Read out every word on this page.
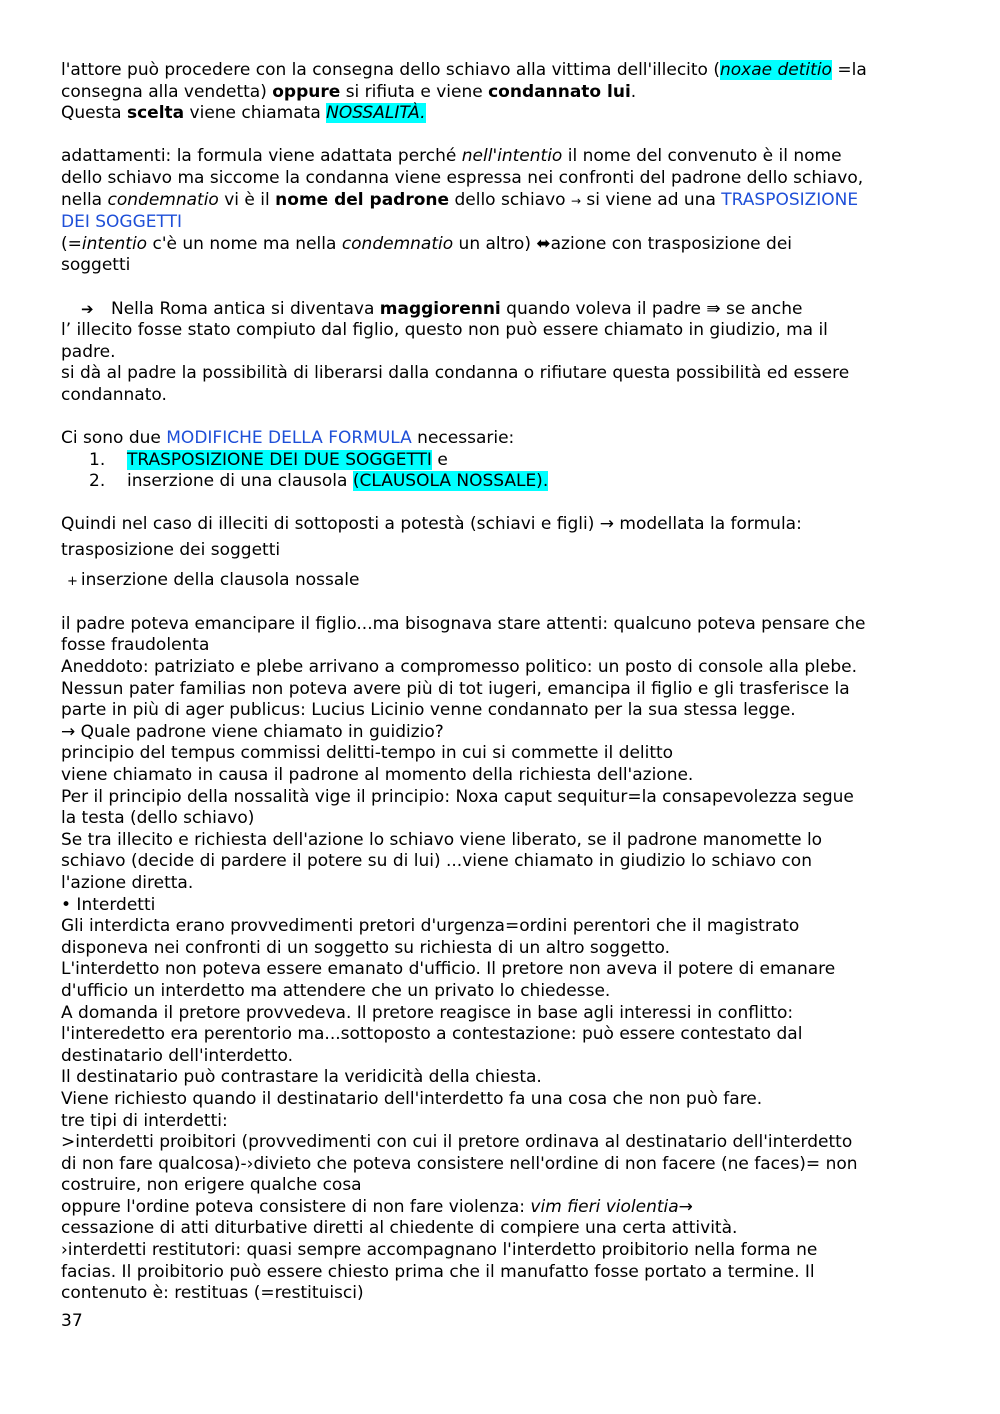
l'attore può procedere con la consegna dello schiavo alla vittima dell'illecito (noxae detitio =la
consegna alla vendetta) oppure si rifiuta e viene condannato lui.
Questa scelta viene chiamata NOSSALITÀ.
adattamenti: la formula viene adattata perché nell'intentio il nome del convenuto è il nome
dello schiavo ma siccome la condanna viene espressa nei confronti del padrone dello schiavo,
nella condemnatio vi è il nome del padrone dello schiavo → si viene ad una TRASPOSIZIONE
DEI SOGGETTI
(=intentio c'è un nome ma nella condemnatio un altro) ⬌azione con trasposizione dei
soggetti
➔ Nella Roma antica si diventava maggiorenni quando voleva il padre ⇛ se anche
l’ illecito fosse stato compiuto dal figlio, questo non può essere chiamato in giudizio, ma il
padre.
si dà al padre la possibilità di liberarsi dalla condanna o rifiutare questa possibilità ed essere
condannato.
Ci sono due MODIFICHE DELLA FORMULA necessarie:
1. TRASPOSIZIONE DEI DUE SOGGETTI e
2. inserzione di una clausola (CLAUSOLA NOSSALE).
Quindi nel caso di illeciti di sottoposti a potestà (schiavi e figli) → modellata la formula:
trasposizione dei soggetti
+ inserzione della clausola nossale
il padre poteva emancipare il figlio...ma bisognava stare attenti: qualcuno poteva pensare che
fosse fraudolenta
Aneddoto: patriziato e plebe arrivano a compromesso politico: un posto di console alla plebe.
Nessun pater familias non poteva avere più di tot iugeri, emancipa il figlio e gli trasferisce la
parte in più di ager publicus: Lucius Licinio venne condannato per la sua stessa legge.
→ Quale padrone viene chiamato in guidizio?
principio del tempus commissi delitti-tempo in cui si commette il delitto
viene chiamato in causa il padrone al momento della richiesta dell'azione.
Per il principio della nossalità vige il principio: Noxa caput sequitur=la consapevolezza segue
la testa (dello schiavo)
Se tra illecito e richiesta dell'azione lo schiavo viene liberato, se il padrone manomette lo
schiavo (decide di pardere il potere su di lui) ...viene chiamato in giudizio lo schiavo con
l'azione diretta.
• Interdetti
Gli interdicta erano provvedimenti pretori d'urgenza=ordini perentori che il magistrato
disponeva nei confronti di un soggetto su richiesta di un altro soggetto.
L'interdetto non poteva essere emanato d'ufficio. Il pretore non aveva il potere di emanare
d'ufficio un interdetto ma attendere che un privato lo chiedesse.
A domanda il pretore provvedeva. Il pretore reagisce in base agli interessi in conflitto:
l'interedetto era perentorio ma...sottoposto a contestazione: può essere contestato dal
destinatario dell'interdetto.
Il destinatario può contrastare la veridicità della chiesta.
Viene richiesto quando il destinatario dell'interdetto fa una cosa che non può fare.
tre tipi di interdetti:
>interdetti proibitori (provvedimenti con cui il pretore ordinava al destinatario dell'interdetto
di non fare qualcosa)-›divieto che poteva consistere nell'ordine di non facere (ne faces)= non
costruire, non erigere qualche cosa
oppure l'ordine poteva consistere di non fare violenza: vim fieri violentia→
cessazione di atti diturbative diretti al chiedente di compiere una certa attività.
›interdetti restitutori: quasi sempre accompagnano l'interdetto proibitorio nella forma ne
facias. Il proibitorio può essere chiesto prima che il manufatto fosse portato a termine. Il
contenuto è: restituas (=restituisci)
37
